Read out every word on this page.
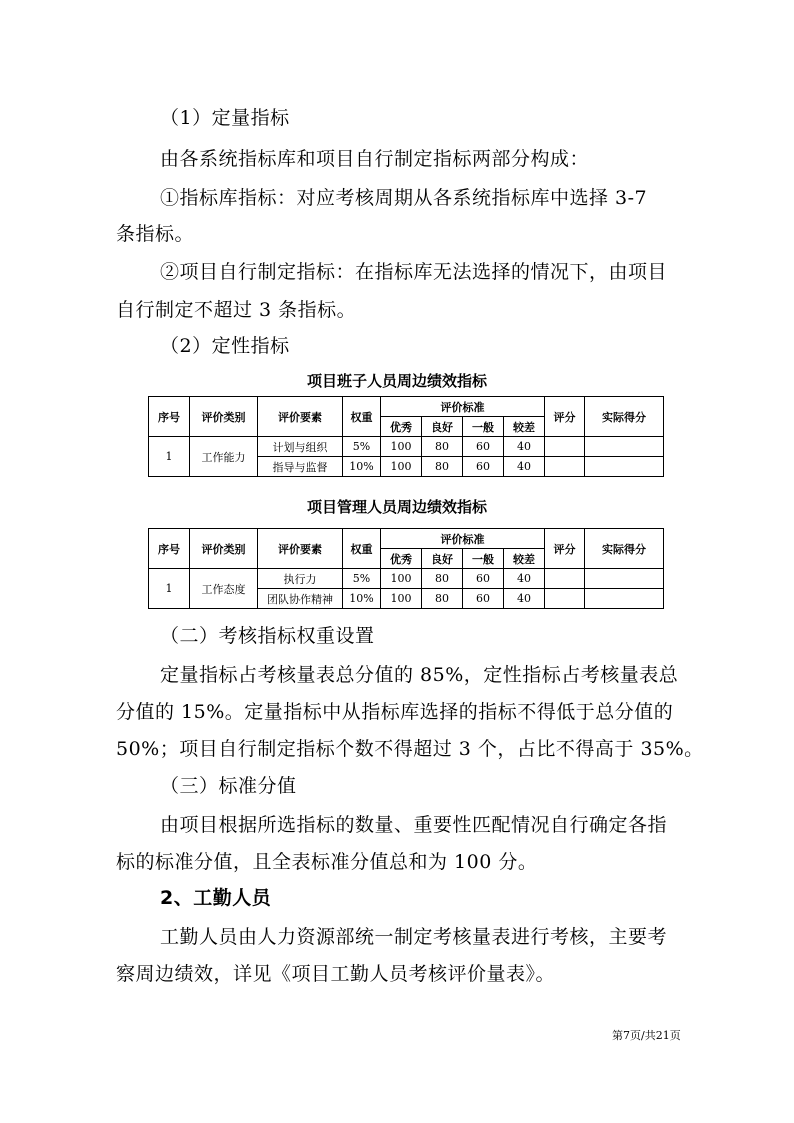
（1）定量指标
由各系统指标库和项目自行制定指标两部分构成：
①指标库指标：对应考核周期从各系统指标库中选择 3-7
条指标。
②项目自行制定指标：在指标库无法选择的情况下，由项目
自行制定不超过 3 条指标。
（2）定性指标
项目班子人员周边绩效指标
序号	评价类别	评价要素	权重	评价标准				评分	实际得分
				优秀	良好	一般	较差		
1	工作能力	计划与组织	5%	100	80	60	40		
		指导与监督	10%	100	80	60	40		
项目管理人员周边绩效指标
序号	评价类别	评价要素	权重	评价标准				评分	实际得分
				优秀	良好	一般	较差		
1	工作态度	执行力	5%	100	80	60	40		
		团队协作精神	10%	100	80	60	40		
（二）考核指标权重设置
定量指标占考核量表总分值的 85%，定性指标占考核量表总
分值的 15%。定量指标中从指标库选择的指标不得低于总分值的
50%；项目自行制定指标个数不得超过 3 个，占比不得高于 35%。
（三）标准分值
由项目根据所选指标的数量、重要性匹配情况自行确定各指
标的标准分值，且全表标准分值总和为 100 分。
2、工勤人员
工勤人员由人力资源部统一制定考核量表进行考核，主要考
察周边绩效，详见《项目工勤人员考核评价量表》。
第7页/共21页
